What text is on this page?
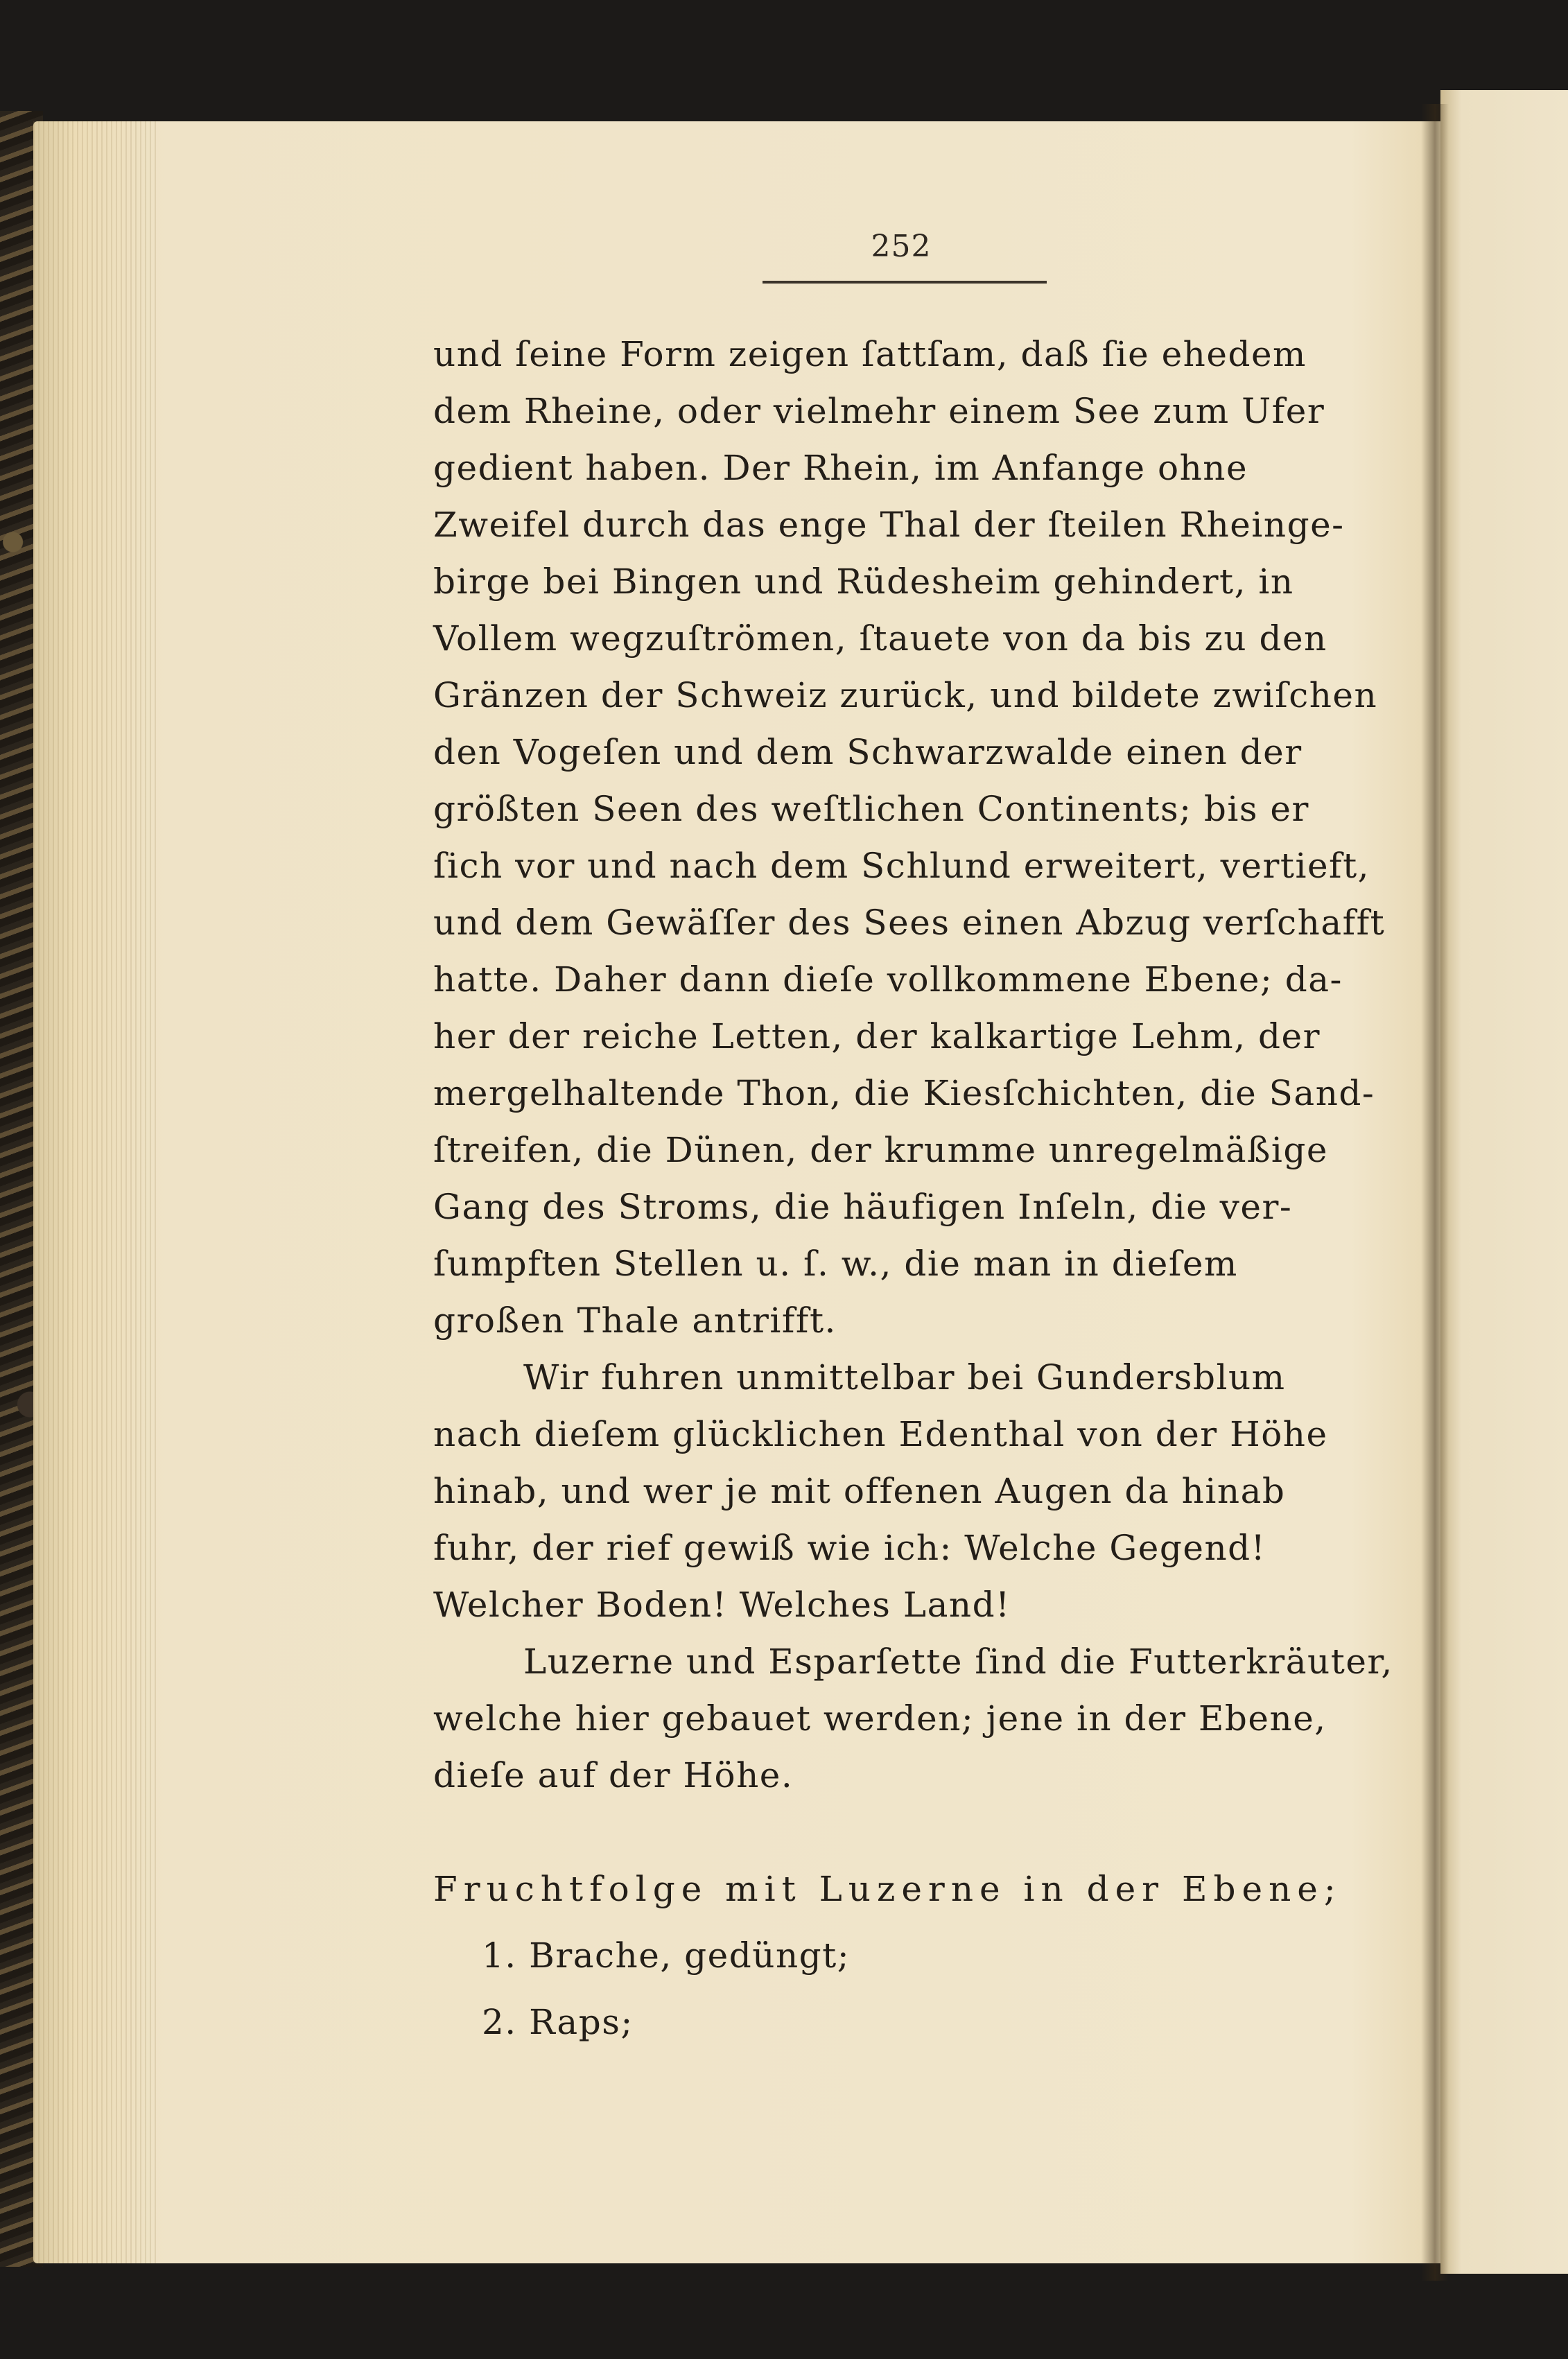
252
und ſeine Form zeigen ſattſam, daß ſie ehedem
dem Rheine, oder vielmehr einem See zum Ufer
gedient haben. Der Rhein, im Anfange ohne
Zweifel durch das enge Thal der ſteilen Rheinge-
birge bei Bingen und Rüdesheim gehindert, in
Vollem wegzuſtrömen, ſtauete von da bis zu den
Gränzen der Schweiz zurück, und bildete zwiſchen
den Vogeſen und dem Schwarzwalde einen der
größten Seen des weſtlichen Continents; bis er
ſich vor und nach dem Schlund erweitert, vertieft,
und dem Gewäſſer des Sees einen Abzug verſchafft
hatte. Daher dann dieſe vollkommene Ebene; da-
her der reiche Letten, der kalkartige Lehm, der
mergelhaltende Thon, die Kiesſchichten, die Sand-
ſtreifen, die Dünen, der krumme unregelmäßige
Gang des Stroms, die häufigen Inſeln, die ver-
ſumpften Stellen u. ſ. w., die man in dieſem
großen Thale antrifft.
Wir fuhren unmittelbar bei Gundersblum
nach dieſem glücklichen Edenthal von der Höhe
hinab, und wer je mit offenen Augen da hinab
fuhr, der rief gewiß wie ich: Welche Gegend!
Welcher Boden! Welches Land!
Luzerne und Esparſette ſind die Futterkräuter,
welche hier gebauet werden; jene in der Ebene,
dieſe auf der Höhe.
Fruchtfolge mit Luzerne in der Ebene;
1. Brache, gedüngt;
2. Raps;
